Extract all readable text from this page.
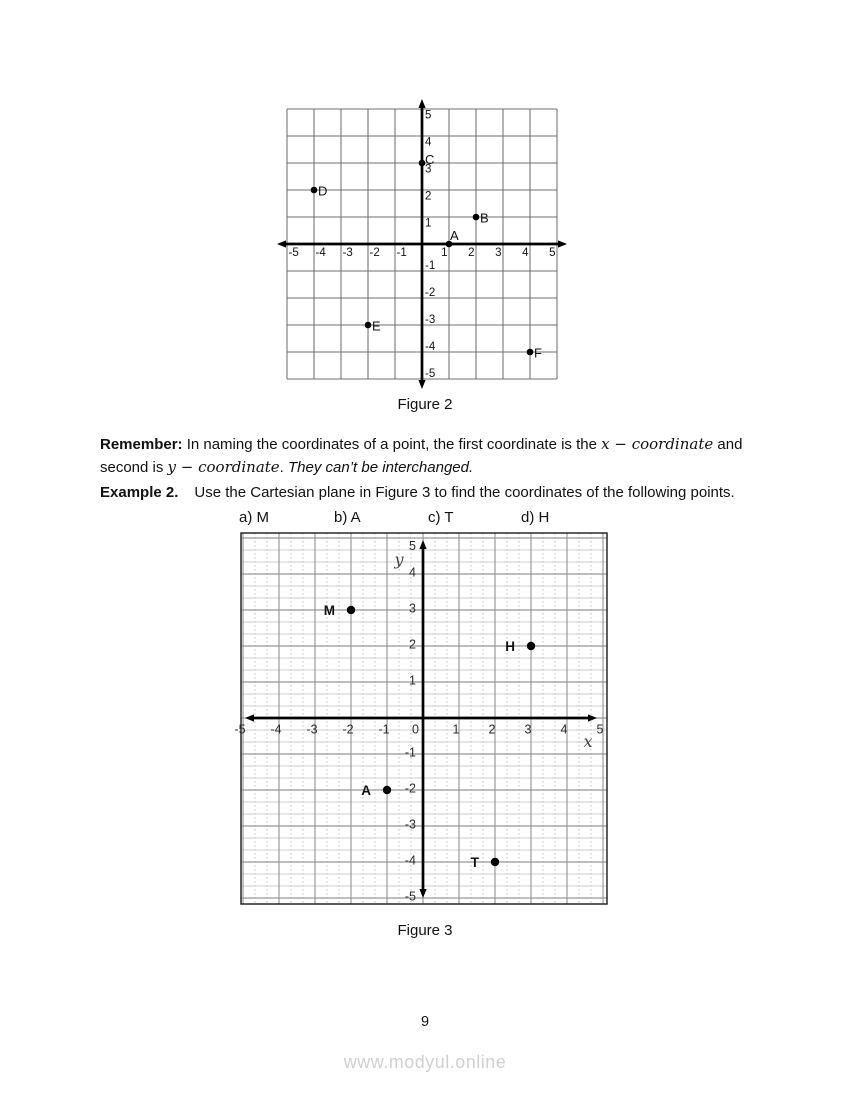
-5 -4 -3 -2 -1	1 2 3 4 5
5
4
3
2
1
-1
-2
-3
-4
-5
A
B
C
D
E
F
Figure 2

Remember: In naming the coordinates of a point, the first coordinate is the x − coordinate and
second is y − coordinate. They can’t be interchanged.

Example 2. Use the Cartesian plane in Figure 3 to find the coordinates of the following points.
a) M	b) A	c) T	d) H
-5 -4 -3 -2 -1 0	1 2 3 4 5
5
4
3
2
1
-1
-2
-3
-4
-5
y
x
M
A
T
H
Figure 3
9
www.modyul.online
